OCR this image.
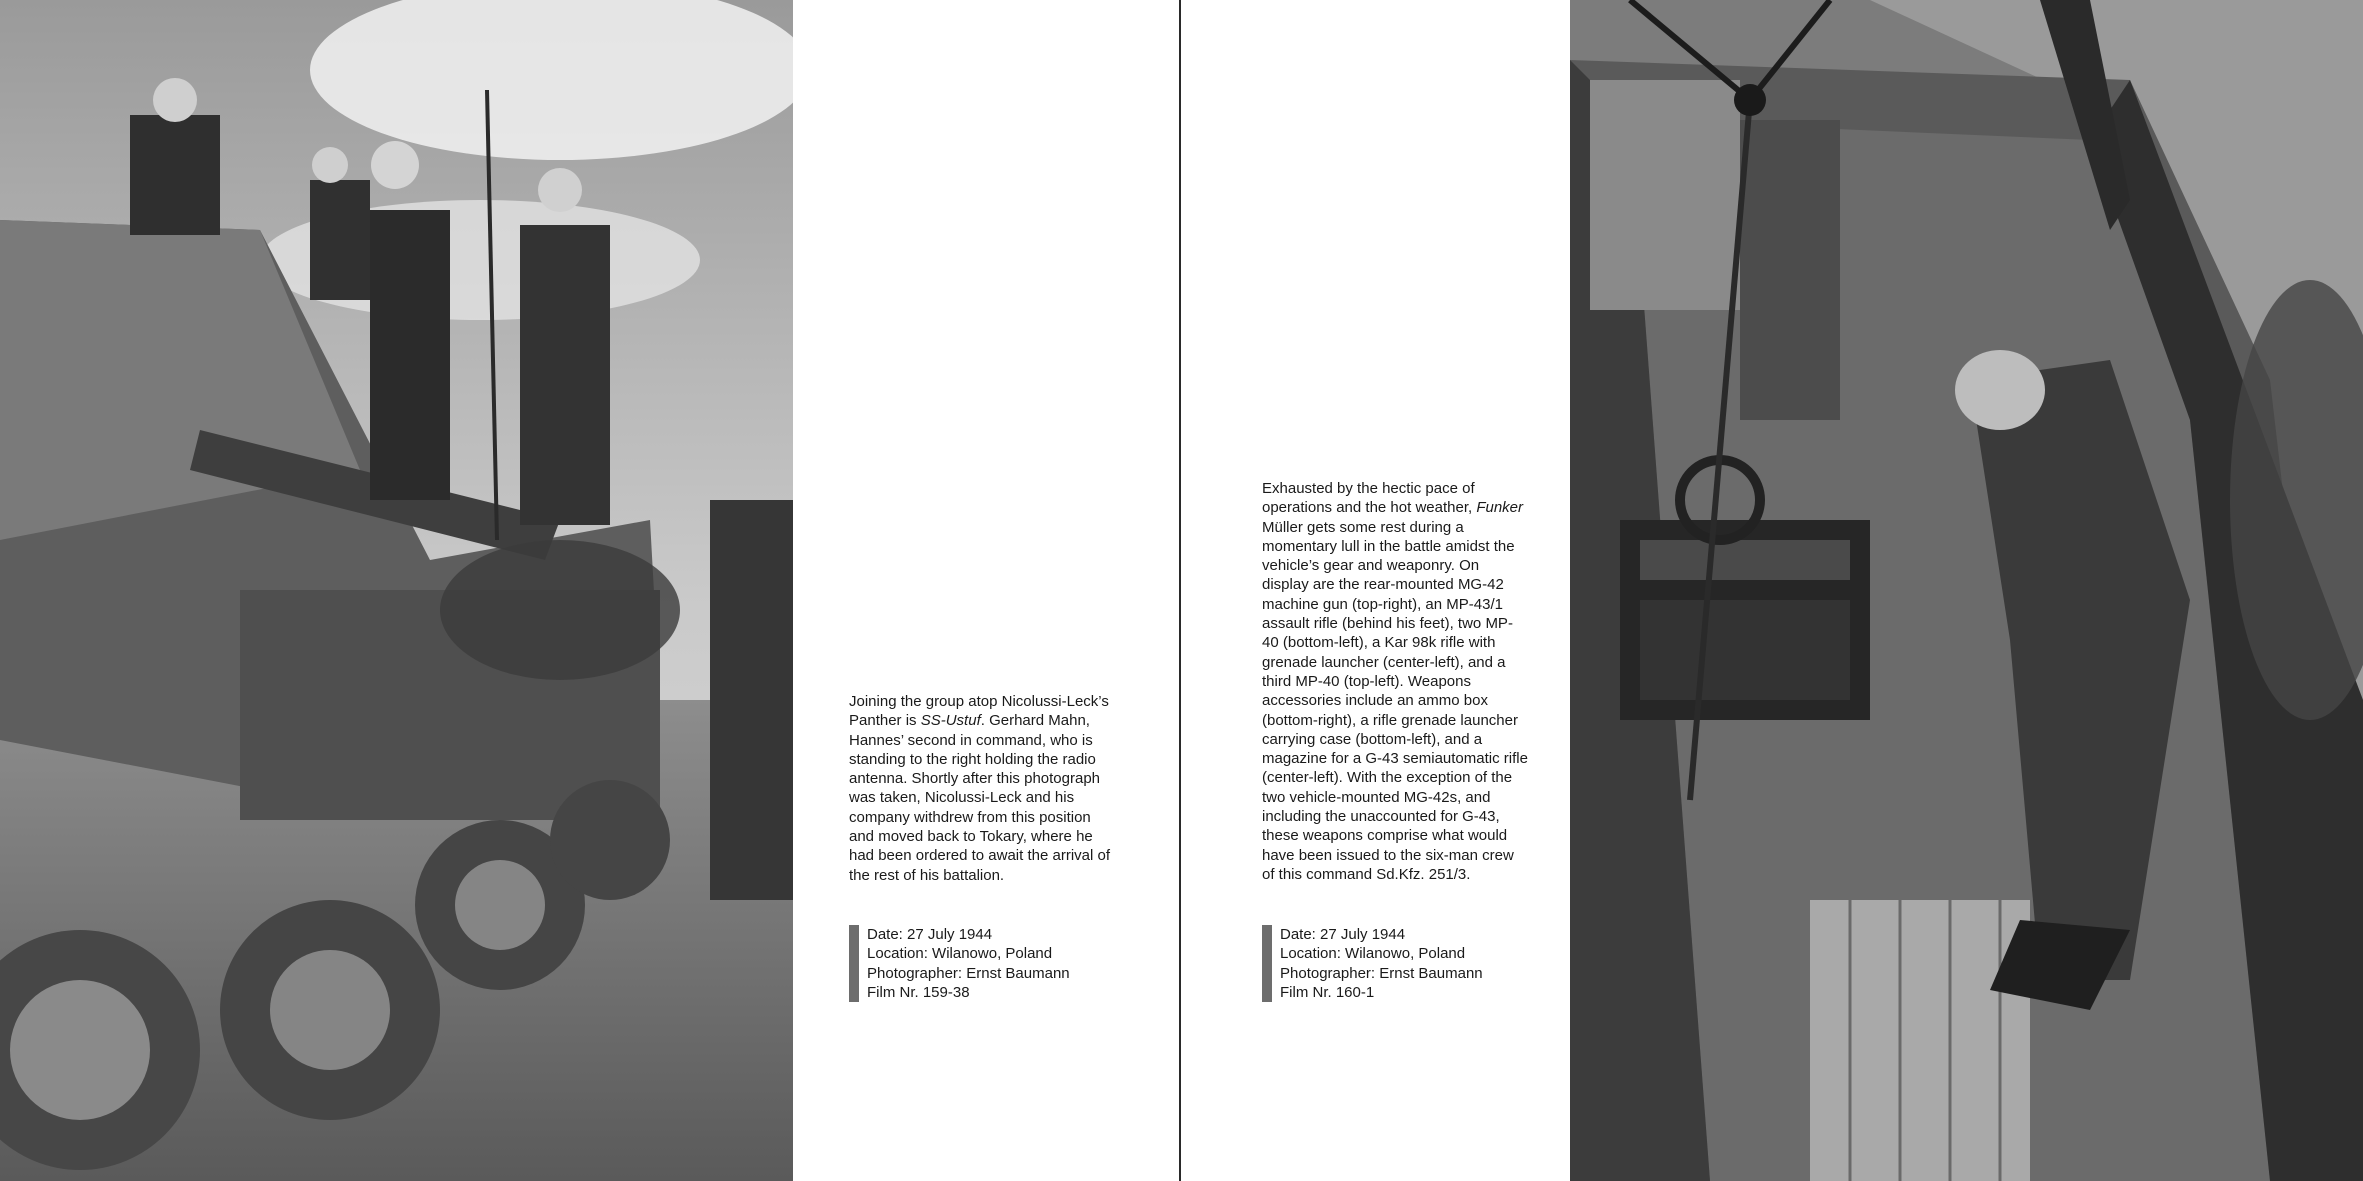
Joining the group atop Nicolussi-Leck’s Panther is SS-Ustuf. Gerhard Mahn, Hannes’ second in command, who is standing to the right holding the radio antenna. Shortly after this photograph was taken, Nicolussi-Leck and his company withdrew from this position and moved back to Tokary, where he had been ordered to await the arrival of the rest of his battalion.

Date: 27 July 1944
Location: Wilanowo, Poland
Photographer: Ernst Baumann
Film Nr. 159-38

Exhausted by the hectic pace of operations and the hot weather, Funker Müller gets some rest during a momentary lull in the battle amidst the vehicle’s gear and weaponry. On display are the rear-mounted MG-42 machine gun (top-right), an MP-43/1 assault rifle (behind his feet), two MP-40 (bottom-left), a Kar 98k rifle with grenade launcher (center-left), and a third MP-40 (top-left). Weapons accessories include an ammo box (bottom-right), a rifle grenade launcher carrying case (bottom-left), and a magazine for a G-43 semiautomatic rifle (center-left). With the exception of the two vehicle-mounted MG-42s, and including the unaccounted for G-43, these weapons comprise what would have been issued to the six-man crew of this command Sd.Kfz. 251/3.

Date: 27 July 1944
Location: Wilanowo, Poland
Photographer: Ernst Baumann
Film Nr. 160-1
